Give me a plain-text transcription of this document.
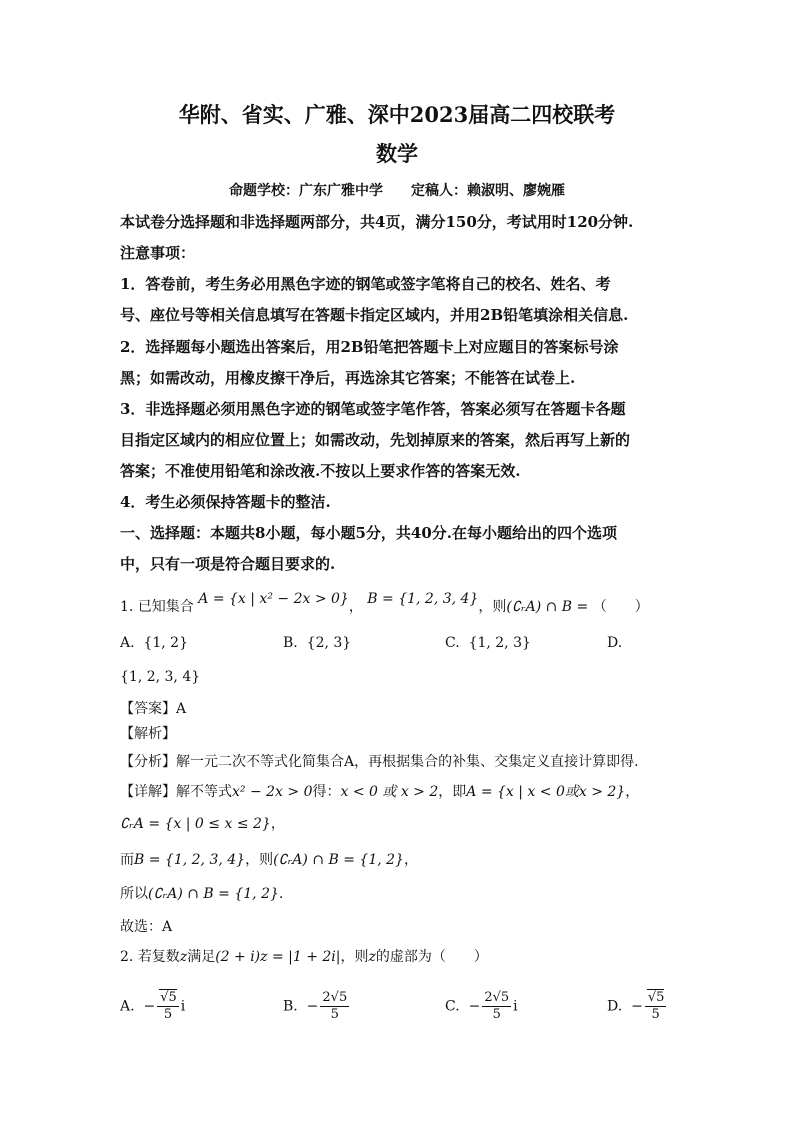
华附、省实、广雅、深中2023届高二四校联考
数学
命题学校：广东广雅中学　　定稿人：赖淑明、廖婉雁
本试卷分选择题和非选择题两部分，共4页，满分150分，考试用时120分钟.
注意事项：
1．答卷前，考生务必用黑色字迹的钢笔或签字笔将自己的校名、姓名、考
号、座位号等相关信息填写在答题卡指定区域内，并用2B铅笔填涂相关信息.
2．选择题每小题选出答案后，用2B铅笔把答题卡上对应题目的答案标号涂
黑；如需改动，用橡皮擦干净后，再选涂其它答案；不能答在试卷上.
3．非选择题必须用黑色字迹的钢笔或签字笔作答，答案必须写在答题卡各题
目指定区域内的相应位置上；如需改动，先划掉原来的答案，然后再写上新的
答案；不准使用铅笔和涂改液.不按以上要求作答的答案无效.
4．考生必须保持答题卡的整洁.
一、选择题：本题共8小题，每小题5分，共40分.在每小题给出的四个选项
中，只有一项是符合题目要求的.
1. 已知集合 A = {x | x² − 2x > 0}， B = {1, 2, 3, 4}，则(∁ᵣA) ∩ B = （　　）
A. {1, 2}	B. {2, 3}	C. {1, 2, 3}	D.
{1, 2, 3, 4}
【答案】A
【解析】
【分析】解一元二次不等式化简集合A，再根据集合的补集、交集定义直接计算即得.
【详解】解不等式x² − 2x > 0得：x < 0 或 x > 2，即A = {x | x < 0或x > 2}，
∁ᵣA = {x | 0 ≤ x ≤ 2}，
而B = {1, 2, 3, 4}，则(∁ᵣA) ∩ B = {1, 2}，
所以(∁ᵣA) ∩ B = {1, 2}.
故选：A
2. 若复数z满足(2 + i)z = |1 + 2i|，则z的虚部为（　　）
A. − $\frac{√5}{5}$ i	B. − $\frac{2√5}{5}$	C. − $\frac{2√5}{5}$ i	D. − $\frac{√5}{5}$
